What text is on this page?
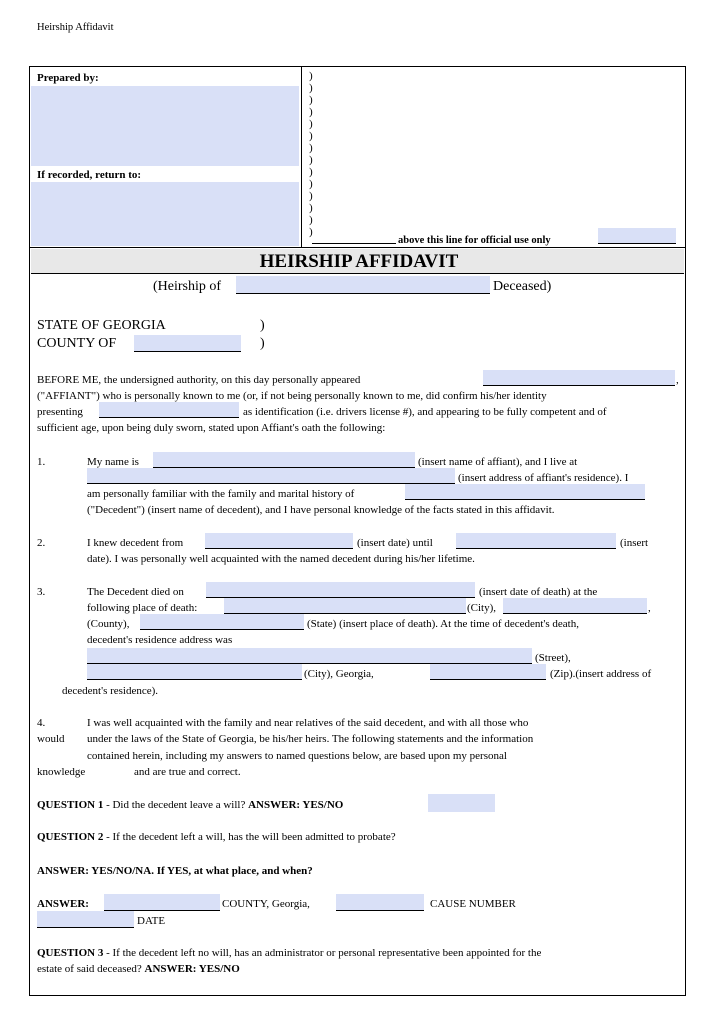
Heirship Affidavit
Prepared by:
If recorded, return to:
)
)
)
)
)
)
)
)
)
)
)
)
)
)
above this line for official use only
HEIRSHIP AFFIDAVIT
(Heirship of	Deceased)
STATE OF GEORGIA	)
COUNTY OF	)
BEFORE ME, the undersigned authority, on this day personally appeared	,
("AFFIANT") who is personally known to me (or, if not being personally known to me, did confirm his/her identity
presenting	as identification (i.e. drivers license #), and appearing to be fully competent and of
sufficient age, upon being duly sworn, stated upon Affiant's oath the following:
1.	My name is	(insert name of affiant), and I live at
(insert address of affiant's residence). I
am personally familiar with the family and marital history of
("Decedent") (insert name of decedent), and I have personal knowledge of the facts stated in this affidavit.
2.	I knew decedent from	(insert date) until	(insert
date). I was personally well acquainted with the named decedent during his/her lifetime.
3.	The Decedent died on	(insert date of death) at the
following place of death:	(City),	,
(County),	(State) (insert place of death). At the time of decedent's death,
decedent's residence address was
(Street),
(City), Georgia,	(Zip).(insert address of
decedent's residence).
4.	I was well acquainted with the family and near relatives of the said decedent, and with all those who
would under the laws of the State of Georgia, be his/her heirs. The following statements and the information
contained herein, including my answers to named questions below, are based upon my personal
knowledge	and are true and correct.
QUESTION 1 - Did the decedent leave a will? ANSWER: YES/NO
QUESTION 2 - If the decedent left a will, has the will been admitted to probate?
ANSWER: YES/NO/NA. If YES, at what place, and when?
ANSWER:	COUNTY, Georgia,	CAUSE NUMBER
DATE
QUESTION 3 - If the decedent left no will, has an administrator or personal representative been appointed for the
estate of said deceased? ANSWER: YES/NO
